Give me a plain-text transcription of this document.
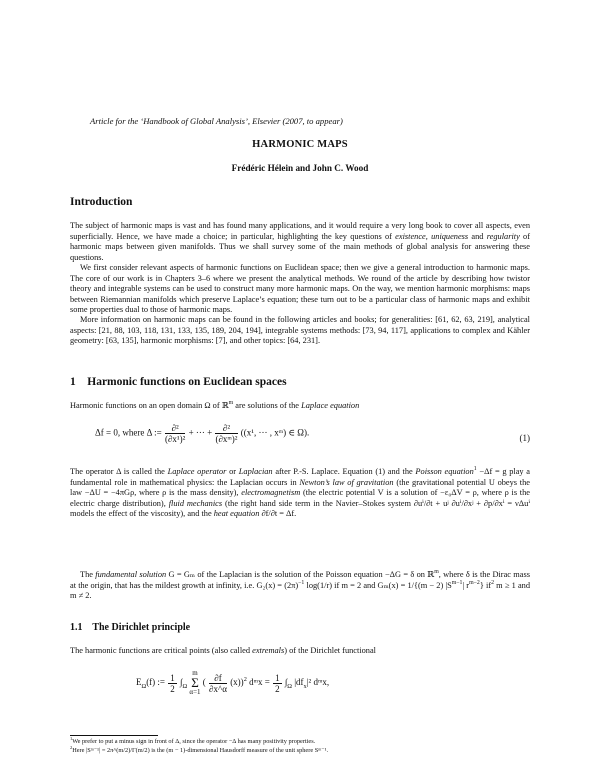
Article for the ‘Handbook of Global Analysis’, Elsevier (2007, to appear)
HARMONIC MAPS
Frédéric Hélein and John C. Wood
Introduction
The subject of harmonic maps is vast and has found many applications, and it would require a very long book to cover all aspects, even superficially. Hence, we have made a choice; in particular, highlighting the key questions of existence, uniqueness and regularity of harmonic maps between given manifolds. Thus we shall survey some of the main methods of global analysis for answering these questions.
We first consider relevant aspects of harmonic functions on Euclidean space; then we give a general introduction to harmonic maps. The core of our work is in Chapters 3–6 where we present the analytical methods. We round of the article by describing how twistor theory and integrable systems can be used to construct many more harmonic maps. On the way, we mention harmonic morphisms: maps between Riemannian manifolds which preserve Laplace’s equation; these turn out to be a particular class of harmonic maps and exhibit some properties dual to those of harmonic maps.
More information on harmonic maps can be found in the following articles and books; for generalities: [61, 62, 63, 219], analytical aspects: [21, 88, 103, 118, 131, 133, 135, 189, 204, 194], integrable systems methods: [73, 94, 117], applications to complex and Kähler geometry: [63, 135], harmonic morphisms: [7], and other topics: [64, 231].
1 Harmonic functions on Euclidean spaces
Harmonic functions on an open domain Ω of ℝ$^m$ are solutions of the Laplace equation
Δf = 0, where Δ := $\frac{\text{∂²}}{\text{(∂x¹)²}}$ + ··· + $\frac{\text{∂²}}{\text{(∂xᵐ)²}} ((x^1$, ··· , xᵐ) ∈ Ω).
(1)
The operator Δ is called the Laplace operator or Laplacian after P.-S. Laplace. Equation (1) and the Poisson equation$^1$ −Δf = g play a fundamental role in mathematical physics: the Laplacian occurs in Newton’s law of gravitation (the gravitational potential U obeys the law −ΔU = −4πGρ, where ρ is the mass density), electromagnetism (the electric potential V is a solution of −ε₀ΔV = ρ, where ρ is the electric charge distribution), fluid mechanics (the right hand side term in the Navier–Stokes system ∂uⁱ/∂t + uʲ ∂uⁱ/∂xʲ + ∂p/∂xⁱ = νΔuⁱ models the effect of the viscosity), and the heat equation ∂f/∂t = Δf.
The fundamental solution G = Gₘ of the Laplacian is the solution of the Poisson equation −ΔG = δ on ℝ$^m$, where δ is the Dirac mass at the origin, that has the mildest growth at infinity, i.e. $G_2(x) = (2\pi)^{-1}$ log(1/r) if m = 2 and Gₘ(x) = 1/{(m − 2) $|S^{m-1}|$ $r^{m-2}$} $if^2$ m ≥ 1 and m ≠ 2.
1.1 The Dirichlet principle
The harmonic functions are critical points (also called extremals) of the Dirichlet functional
$E_\Omega(f)$ := $\frac{1}{2} \int_\Omega$
m
Σ
α=1
( $\frac{\partial f}{\partial x\^{}\alpha} (x))^2$ dᵐx = $\frac{1}{2} \int_\Omega$ $|df_x|^2$ dᵐx,
$^1$We prefer to put a minus sign in front of Δ, since the operator −Δ has many positivity properties.
$^2$Here |Sᵐ⁻¹| = 2π^(m/2)/Γ(m/2) is the (m − 1)-dimensional Hausdorff measure of the unit sphere Sᵐ⁻¹.
